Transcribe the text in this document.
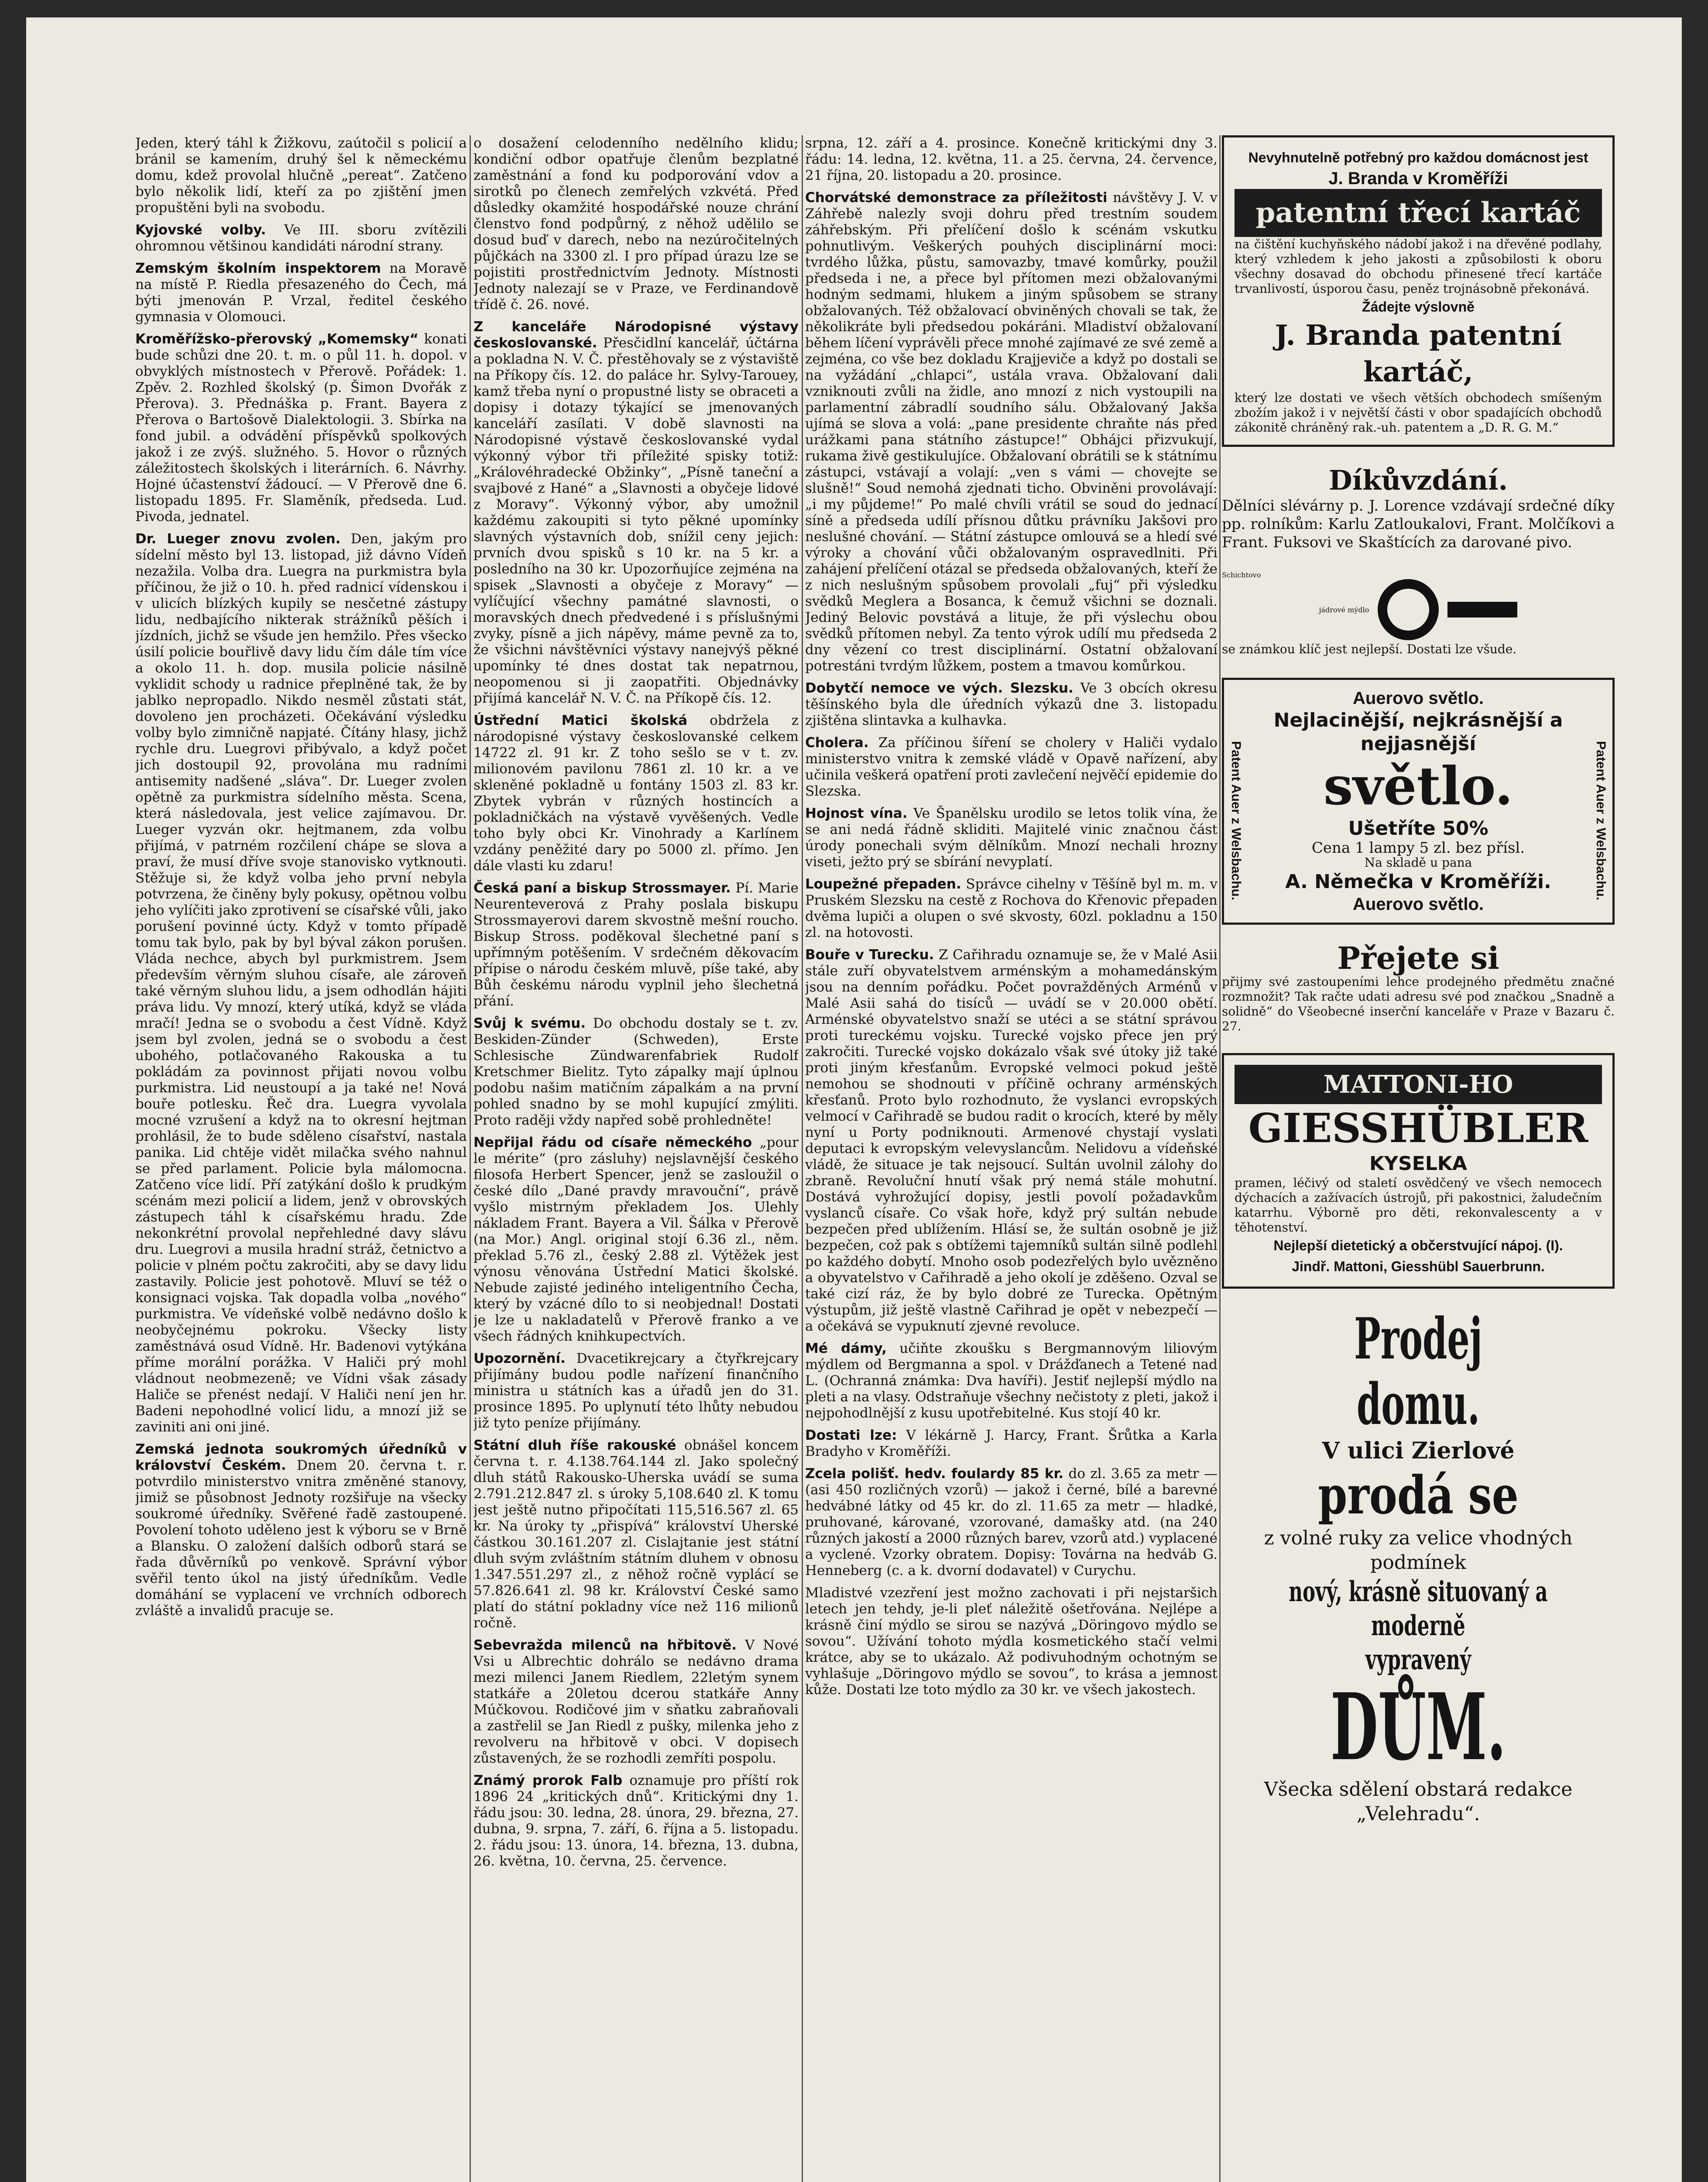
Jeden, který táhl k Žižkovu, zaútočil s policií a bránil se kamením, druhý šel k německému domu, kdež provolal hlučně „pereat“. Zatčeno bylo několik lidí, kteří za po zjištění jmen propuštěni byli na svobodu.

Kyjovské volby. Ve III. sboru zvítězili ohromnou většinou kandidáti národní strany.

Zemským školním inspektorem na Moravě na místě P. Riedla přesazeného do Čech, má býti jmenován P. Vrzal, ředitel českého gymnasia v Olomouci.

Kroměřížsko-přerovský „Komemsky“ konati bude schůzi dne 20. t. m. o půl 11. h. dopol. v obvyklých místnostech v Přerově. Pořádek: 1. Zpěv. 2. Rozhled školský (p. Šimon Dvořák z Přerova). 3. Přednáška p. Frant. Bayera z Přerova o Bartošově Dialektologii. 3. Sbírka na fond jubil. a odvádění příspěvků spolkových jakož i ze zvýš. služného. 5. Hovor o různých záležitostech školských i literárních. 6. Návrhy. Hojné účastenství žádoucí. — V Přerově dne 6. listopadu 1895. Fr. Slaměník, předseda. Lud. Pivoda, jednatel.

Dr. Lueger znovu zvolen. Den, jakým pro sídelní město byl 13. listopad, již dávno Vídeň nezažila. Volba dra. Luegra na purkmistra byla příčinou, že již o 10. h. před radnicí vídenskou i v ulicích blízkých kupily se nesčetné zástupy lidu, nedbajícího nikterak strážníků pěších i jízdních, jichž se všude jen hemžilo. Přes všecko úsilí policie bouřlivě davy lidu čím dále tím více a okolo 11. h. dop. musila policie násilně vyklidit schody u radnice přeplněné tak, že by jablko nepropadlo. Nikdo nesměl zůstati stát, dovoleno jen procházeti. Očekávání výsledku volby bylo zimničně napjaté. Čítány hlasy, jichž rychle dru. Luegrovi přibývalo, a když počet jich dostoupil 92, provolána mu radními antisemity nadšené „sláva“. Dr. Lueger zvolen opětně za purkmistra sídelního města. Scena, která následovala, jest velice zajímavou. Dr. Lueger vyzván okr. hejtmanem, zda volbu přijímá, v patrném rozčilení chápe se slova a praví, že musí dříve svoje stanovisko vytknouti. Stěžuje si, že když volba jeho první nebyla potvrzena, že činěny byly pokusy, opětnou volbu jeho vylíčiti jako zprotivení se císařské vůli, jako porušení povinné úcty. Když v tomto případě tomu tak bylo, pak by byl býval zákon porušen. Vláda nechce, abych byl purkmistrem. Jsem především věrným sluhou císaře, ale zároveň také věrným sluhou lidu, a jsem odhodlán hájiti práva lidu. Vy mnozí, který utíká, když se vláda mračí! Jedna se o svobodu a čest Vídně. Když jsem byl zvolen, jedná se o svobodu a čest ubohého, potlačovaného Rakouska a tu pokládám za povinnost přijati novou volbu purkmistra. Lid neustoupí a ja také ne! Nová bouře potlesku. Řeč dra. Luegra vyvolala mocné vzrušení a když na to okresní hejtman prohlásil, že to bude sděleno císařství, nastala panika. Lid chtěje vidět milačka svého nahnul se před parlament. Policie byla málomocna. Zatčeno více lidí. Pří zatýkání došlo k prudkým scénám mezi policií a lidem, jenž v obrovských zástupech táhl k císařskému hradu. Zde nekonkrétní provolal nepřehledné davy slávu dru. Luegrovi a musila hradní stráž, četnictvo a policie v plném počtu zakročiti, aby se davy lidu zastavily. Policie jest pohotově. Mluví se též o konsignaci vojska. Tak dopadla volba „nového“ purkmistra. Ve vídeňské volbě nedávno došlo k neobyčejnému pokroku. Všecky listy zaměstnává osud Vídně. Hr. Badenovi vytýkána příme morální porážka. V Haliči prý mohl vládnout neobmezeně; ve Vídni však zásady Haliče se přenést nedají. V Haliči není jen hr. Badeni nepohodlné volicí lidu, a mnozí již se zaviniti ani oni jiné.

Zemská jednota soukromých úředníků v království Českém. Dnem 20. června t. r. potvrdilo ministerstvo vnitra změněné stanovy, jimiž se působnost Jednoty rozšiřuje na všecky soukromé úředníky. Svěřené řadě zastoupené. Povolení tohoto uděleno jest k výboru se v Brně a Blansku. O založení dalších odborů stará se řada důvěrníků po venkově. Správní výbor svěřil tento úkol na jistý úředníkům. Vedle domáhání se vyplacení ve vrchních odborech zvláště a invalidů pracuje se.

o dosažení celodenního nedělního klidu; kondiční odbor opatřuje členům bezplatné zaměstnání a fond ku podporování vdov a sirotků po členech zemřelých vzkvétá. Před důsledky okamžité hospodářské nouze chrání členstvo fond podpůrný, z něhož udělilo se dosud buď v darech, nebo na nezúročitelných půjčkách na 3300 zl. I pro případ úrazu lze se pojistiti prostřednictvím Jednoty. Místnosti Jednoty nalezají se v Praze, ve Ferdinandově třídě č. 26. nové.

Z kanceláře Národopisné výstavy českoslovanské. Přesčidlní kancelář, účtárna a pokladna N. V. Č. přestěhovaly se z výstaviště na Příkopy čís. 12. do paláce hr. Sylvy-Tarouey, kamž třeba nyní o propustné listy se obraceti a dopisy i dotazy týkající se jmenovaných kanceláří zasílati. V době slavnosti na Národopisné výstavě českoslovanské vydal výkonný výbor tři příležité spisky totiž: „Královéhradecké Obžinky“, „Písně taneční a svajbové z Hané“ a „Slavnosti a obyčeje lidové z Moravy“. Výkonný výbor, aby umožnil každému zakoupiti si tyto pěkné upomínky slavných výstavních dob, snížil ceny jejich: prvních dvou spisků s 10 kr. na 5 kr. a posledního na 30 kr. Upozorňujíce zejména na spisek „Slavnosti a obyčeje z Moravy“ — vylíčující všechny památné slavnosti, o moravských dnech předvedené i s příslušnými zvyky, písně a jich nápěvy, máme pevně za to, že všichni návštěvníci výstavy nanejvýš pěkné upomínky té dnes dostat tak nepatrnou, neopomenou si ji zaopatřiti. Objednávky přijímá kancelář N. V. Č. na Příkopě čís. 12.

Ústřední Matici školská obdržela z národopisné výstavy českoslovanské celkem 14722 zl. 91 kr. Z toho sešlo se v t. zv. milionovém pavilonu 7861 zl. 10 kr. a ve skleněné pokladně u fontány 1503 zl. 83 kr. Zbytek vybrán v různých hostincích a pokladničkách na výstavě vyvěšených. Vedle toho byly obci Kr. Vinohrady a Karlínem vzdány peněžité dary po 5000 zl. přímo. Jen dále vlasti ku zdaru!

Česká paní a biskup Strossmayer. Pí. Marie Neurenteverová z Prahy poslala biskupu Strossmayerovi darem skvostně mešní roucho. Biskup Stross. poděkoval šlechetné paní s upřímným potěšením. V srdečném děkovacím přípise o národu českém mluvě, píše také, aby Bůh českému národu vyplnil jeho šlechetná přání.

Svůj k svému. Do obchodu dostaly se t. zv. Beskiden-Zünder (Schweden), Erste Schlesische Zündwarenfabriek Rudolf Kretschmer Bielitz. Tyto zápalky mají úplnou podobu našim matičním zápalkám a na první pohled snadno by se mohl kupující zmýliti. Proto raději vždy napřed sobě prohledněte!

Nepřijal řádu od císaře německého „pour le mérite“ (pro zásluhy) nejslavnější českého filosofa Herbert Spencer, jenž se zasloužil o české dílo „Dané pravdy mravouční“, právě vyšlo mistrným překladem Jos. Ulehly nákladem Frant. Bayera a Vil. Šálka v Přerově (na Mor.) Angl. original stojí 6.36 zl., něm. překlad 5.76 zl., český 2.88 zl. Výtěžek jest výnosu věnována Ústřední Matici školské. Nebude zajisté jediného inteligentního Čecha, který by vzácné dílo to si neobjednal! Dostati je lze u nakladatelů v Přerově franko a ve všech řádných knihkupectvích.

Upozornění. Dvacetikrejcary a čtyřkrejcary přijímány budou podle nařízení finančního ministra u státních kas a úřadů jen do 31. prosince 1895. Po uplynutí této lhůty nebudou již tyto peníze přijímány.

Státní dluh říše rakouské obnášel koncem června t. r. 4.138.764.144 zl. Jako společný dluh států Rakousko-Uherska uvádí se suma 2.791.212.847 zl. s úroky 5,108.640 zl. K tomu jest ještě nutno připočítati 115,516.567 zl. 65 kr. Na úroky ty „přispívá“ království Uherské částkou 30.161.207 zl. Cislajtanie jest státní dluh svým zvláštním státním dluhem v obnosu 1.347.551.297 zl., z něhož ročně vyplácí se 57.826.641 zl. 98 kr. Království České samo platí do státní pokladny více než 116 milionů ročně.

Sebevražda milenců na hřbitově. V Nové Vsi u Albrechtic dohrálo se nedávno drama mezi milenci Janem Riedlem, 22letým synem statkáře a 20letou dcerou statkáře Anny Múčkovou. Rodičové jim v sňatku zabraňovali a zastřelil se Jan Riedl z pušky, milenka jeho z revolveru na hřbitově v obci. V dopisech zůstavených, že se rozhodli zemříti pospolu.

Známý prorok Falb oznamuje pro příští rok 1896 24 „kritických dnů“. Kritickými dny 1. řádu jsou: 30. ledna, 28. února, 29. března, 27. dubna, 9. srpna, 7. září, 6. října a 5. listopadu. 2. řádu jsou: 13. února, 14. března, 13. dubna, 26. května, 10. června, 25. července.

srpna, 12. září a 4. prosince. Konečně kritickými dny 3. řádu: 14. ledna, 12. května, 11. a 25. června, 24. července, 21 října, 20. listopadu a 20. prosince.

Chorvátské demonstrace za příležitosti návštěvy J. V. v Záhřebě nalezly svoji dohru před trestním soudem záhřebským. Při přelíčení došlo k scénám vskutku pohnutlivým. Veškerých pouhých disciplinární moci: tvrdého lůžka, půstu, samovazby, tmavé komůrky, použil předseda i ne, a přece byl přítomen mezi obžalovanými hodným sedmami, hlukem a jiným spůsobem se strany obžalovaných. Též obžalovací obviněných chovali se tak, že několikráte byli předsedou pokáráni. Mladiství obžalovaní během líčení vyprávěli přece mnohé zajímavé ze své země a zejména, co vše bez dokladu Krajjeviče a když po dostali se na vyžádání „chlapci“, ustála vrava. Obžalovaní dali vzniknouti zvůli na židle, ano mnozí z nich vystoupili na parlamentní zábradlí soudního sálu. Obžalovaný Jakša ujímá se slova a volá: „pane presidente chraňte nás před urážkami pana státního zástupce!“ Obhájci přizvukují, rukama živě gestikulujíce. Obžalovaní obrátili se k státnímu zástupci, vstávají a volají: „ven s vámi — chovejte se slušně!“ Soud nemohá zjednati ticho. Obviněni provolávají: „i my půjdeme!“ Po malé chvíli vrátil se soud do jednací síně a předseda udílí přísnou důtku právníku Jakšovi pro neslušné chování. — Státní zástupce omlouvá se a hledí své výroky a chování vůči obžalovaným ospravedlniti. Při zahájení přelíčení otázal se předseda obžalovaných, kteří že z nich neslušným spůsobem provolali „fuj“ při výsledku svědků Meglera a Bosanca, k čemuž všichni se doznali. Jediný Belovic povstává a lituje, že při výslechu obou svědků přítomen nebyl. Za tento výrok udílí mu předseda 2 dny vězení co trest disciplinární. Ostatní obžalovaní potrestáni tvrdým lůžkem, postem a tmavou komůrkou.

Dobytčí nemoce ve vých. Slezsku. Ve 3 obcích okresu těšínského byla dle úředních výkazů dne 3. listopadu zjištěna slintavka a kulhavka.

Cholera. Za příčinou šíření se cholery v Haliči vydalo ministerstvo vnitra k zemské vládě v Opavě nařízení, aby učinila veškerá opatření proti zavlečení nejvěčí epidemie do Slezska.

Hojnost vína. Ve Španělsku urodilo se letos tolik vína, že se ani nedá řádně skliditi. Majitelé vinic značnou část úrody ponechali svým dělníkům. Mnozí nechali hrozny viseti, ježto prý se sbírání nevyplatí.

Loupežné přepaden. Správce cihelny v Těšíně byl m. m. v Pruském Slezsku na cestě z Rochova do Křenovic přepaden dvěma lupiči a olupen o své skvosty, 60zl. pokladnu a 150 zl. na hotovosti.

Bouře v Turecku. Z Cařihradu oznamuje se, že v Malé Asii stále zuří obyvatelstvem arménským a mohamedánským jsou na denním pořádku. Počet povražděných Arménů v Malé Asii sahá do tisíců — uvádí se v 20.000 obětí. Arménské obyvatelstvo snaží se utéci a se státní správou proti tureckému vojsku. Turecké vojsko přece jen prý zakročiti. Turecké vojsko dokázalo však své útoky již také proti jiným křesťanům. Evropské velmoci pokud ještě nemohou se shodnouti v příčině ochrany arménských křesťanů. Proto bylo rozhodnuto, že vyslanci evropských velmocí v Cařihradě se budou radit o krocích, které by měly nyní u Porty podniknouti. Armenové chystají vyslati deputaci k evropským velevyslancům. Nelidovu a vídeňské vládě, že situace je tak nejsoucí. Sultán uvolnil zálohy do zbraně. Revoluční hnutí však prý nemá stále mohutní. Dostává vyhrožující dopisy, jestli povolí požadavkům vyslanců císaře. Co však hoře, když prý sultán nebude bezpečen před ublížením. Hlásí se, že sultán osobně je již bezpečen, což pak s obtížemi tajemníků sultán silně podlehl po každého dobytí. Mnoho osob podezřelých bylo uvězněno a obyvatelstvo v Cařihradě a jeho okolí je zděšeno. Ozval se také cizí ráz, že by bylo dobré ze Turecka. Opětným výstupům, již ještě vlastně Cařihrad je opět v nebezpečí — a očekává se vypuknutí zjevné revoluce.

Mé dámy, učiňte zkoušku s Bergmannovým liliovým mýdlem od Bergmanna a spol. v Drážďanech a Tetené nad L. (Ochranná známka: Dva havíři). Jestiť nejlepší mýdlo na pleti a na vlasy. Odstraňuje všechny nečistoty z pleti, jakož i nejpohodlnější z kusu upotřebitelné. Kus stojí 40 kr.

Dostati lze: V lékárně J. Harcy, Frant. Šrůtka a Karla Bradyho v Kroměříži.

Zcela polišť. hedv. foulardy 85 kr. do zl. 3.65 za metr — (asi 450 rozličných vzorů) — jakož i černé, bílé a barevné hedvábné látky od 45 kr. do zl. 11.65 za metr — hladké, pruhované, kárované, vzorované, damašky atd. (na 240 různých jakostí a 2000 různých barev, vzorů atd.) vyplacené a vyclené. Vzorky obratem. Dopisy: Továrna na hedváb G. Henneberg (c. a k. dvorní dodavatel) v Curychu.

Mladistvé vzezření jest možno zachovati i při nejstaršich letech jen tehdy, je-li pleť náležitě ošetřována. Nejlépe a krásně činí mýdlo se sirou se nazývá „Döringovo mýdlo se sovou“. Užívání tohoto mýdla kosmetického stačí velmi krátce, aby se to ukázalo. Až podivuhodným ochotným se vyhlašuje „Döringovo mýdlo se sovou“, to krása a jemnost kůže. Dostati lze toto mýdlo za 30 kr. ve všech jakostech.

Nevyhnutelně potřebný pro každou domácnost jest
J. Branda v Kroměříži
patentní třecí kartáč
na čištění kuchyňského nádobí jakož i na dřevěné podlahy, který vzhledem k jeho jakosti a způsobilosti k oboru všechny dosavad do obchodu přinesené třecí kartáče trvanlivostí, úsporou času, peněz trojnásobně překonává.
Žádejte výslovně
J. Branda patentní kartáč,
který lze dostati ve všech větších obchodech smíšeným zbožím jakož i v největší části v obor spadajících obchodů zákonitě chráněný rak.-uh. patentem a „D. R. G. M.“
Díkůvzdání.
Dělníci slévárny p. J. Lorence vzdávají srdečné díky pp. rolníkům: Karlu Zatloukalovi, Frant. Molčíkovi a Frant. Fuksovi ve Skaštících za darované pivo.
Schichtovo
jádrové mýdlo
se známkou klíč jest nejlepší. Dostati lze všude.
Patent Auer z Welsbachu.	Patent Auer z Welsbachu.
Auerovo světlo.
Nejlacinější, nejkrásnější a nejjasnější
světlo.
Ušetříte 50%
Cena 1 lampy 5 zl. bez přísl.
Na skladě u pana
A. Němečka v Kroměříži.
Auerovo světlo.
Přejete si
přijmy své zastoupeními lehce prodejného předmětu značné rozmnožit? Tak račte udati adresu své pod značkou „Snadně a solidně“ do Všeobecné inserční kanceláře v Praze v Bazaru č. 27.
MATTONI-HO
GIESSHÜBLER
KYSELKA
pramen, léčivý od staletí osvědčený ve všech nemocech dýchacích a zažívacích ústrojů, při pakostnici, žaludečním katarrhu. Výborně pro děti, rekonvalescenty a v těhotenství.
Nejlepší dietetický a občerstvující nápoj. (I).
Jindř. Mattoni, Giesshübl Sauerbrunn.
Prodej domu.
V ulici Zierlové
prodá se
z volné ruky za velice vhodných
podmínek
nový, krásně situovaný a moderně
vypravený
DŮM.
Všecka sdělení obstará redakce
„Velehradu“.
